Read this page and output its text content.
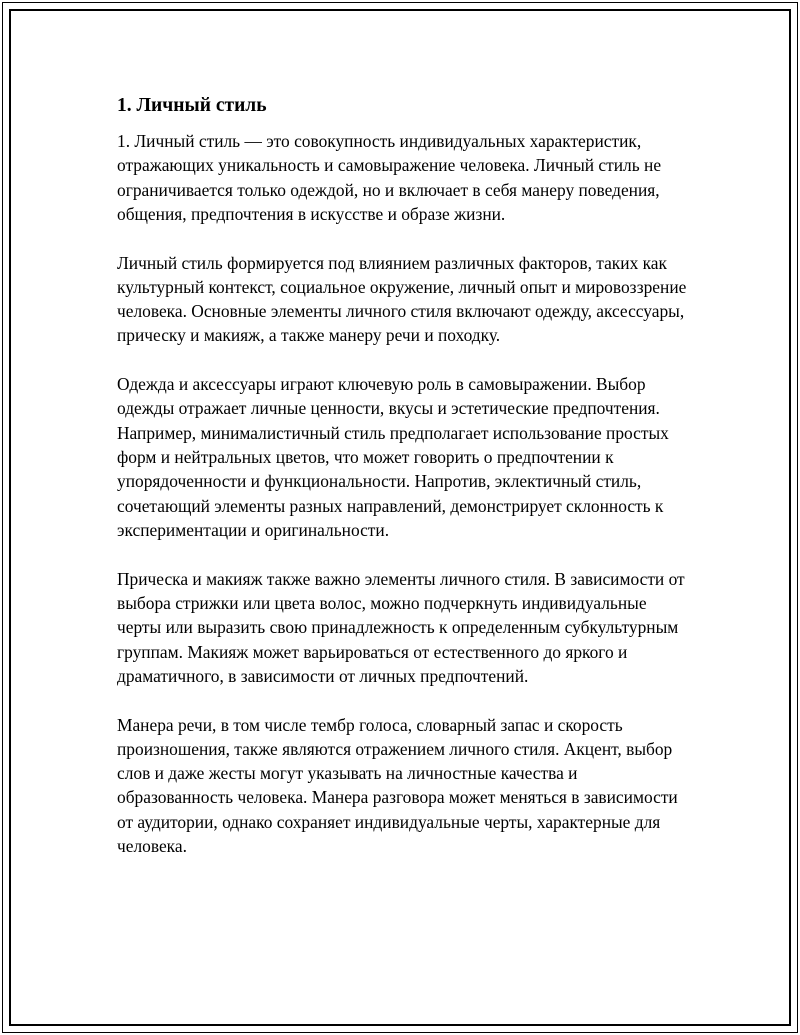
1. Личный стиль

1. Личный стиль — это совокупность индивидуальных характеристик, отражающих уникальность и самовыражение человека. Личный стиль не ограничивается только одеждой, но и включает в себя манеру поведения, общения, предпочтения в искусстве и образе жизни.

Личный стиль формируется под влиянием различных факторов, таких как культурный контекст, социальное окружение, личный опыт и мировоззрение человека. Основные элементы личного стиля включают одежду, аксессуары, прическу и макияж, а также манеру речи и походку.

Одежда и аксессуары играют ключевую роль в самовыражении. Выбор одежды отражает личные ценности, вкусы и эстетические предпочтения. Например, минималистичный стиль предполагает использование простых форм и нейтральных цветов, что может говорить о предпочтении к упорядоченности и функциональности. Напротив, эклектичный стиль, сочетающий элементы разных направлений, демонстрирует склонность к экспериментации и оригинальности.

Прическа и макияж также важно элементы личного стиля. В зависимости от выбора стрижки или цвета волос, можно подчеркнуть индивидуальные черты или выразить свою принадлежность к определенным субкультурным группам. Макияж может варьироваться от естественного до яркого и драматичного, в зависимости от личных предпочтений.

Манера речи, в том числе тембр голоса, словарный запас и скорость произношения, также являются отражением личного стиля. Акцент, выбор слов и даже жесты могут указывать на личностные качества и образованность человека. Манера разговора может меняться в зависимости от аудитории, однако сохраняет индивидуальные черты, характерные для человека.
